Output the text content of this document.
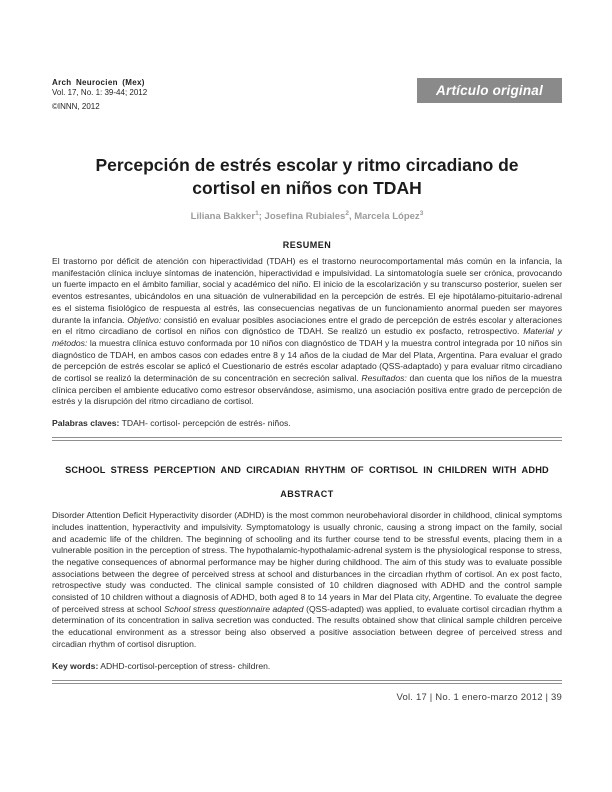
Arch Neurocien (Mex)
Vol. 17, No. 1: 39-44; 2012
©INNN, 2012
Artículo original
Percepción de estrés escolar y ritmo circadiano de
cortisol en niños con TDAH
Liliana Bakker$^1$; Josefina Rubiales$^2$, Marcela López$^3$
RESUMEN
El trastorno por déficit de atención con hiperactividad (TDAH) es el trastorno neurocomportamental más común en la infancia, la manifestación clínica incluye síntomas de inatención, hiperactividad e impulsividad. La sintomatología suele ser crónica, provocando un fuerte impacto en el ámbito familiar, social y académico del niño. El inicio de la escolarización y su transcurso posterior, suelen ser eventos estresantes, ubicándolos en una situación de vulnerabilidad en la percepción de estrés. El eje hipotálamo-pituitario-adrenal es el sistema fisiológico de respuesta al estrés, las consecuencias negativas de un funcionamiento anormal pueden ser mayores durante la infancia. Objetivo: consistió en evaluar posibles asociaciones entre el grado de percepción de estrés escolar y alteraciones en el ritmo circadiano de cortisol en niños con dignóstico de TDAH. Se realizó un estudio ex posfacto, retrospectivo. Material y métodos: la muestra clínica estuvo conformada por 10 niños con diagnóstico de TDAH y la muestra control integrada por 10 niños sin diagnóstico de TDAH, en ambos casos con edades entre 8 y 14 años de la ciudad de Mar del Plata, Argentina. Para evaluar el grado de percepción de estrés escolar se aplicó el Cuestionario de estrés escolar adaptado (QSS-adaptado) y para evaluar ritmo circadiano de cortisol se realizó la determinación de su concentración en secreción salival. Resultados: dan cuenta que los niños de la muestra clínica perciben el ambiente educativo como estresor observándose, asimismo, una asociación positiva entre grado de percepción de estrés y la disrupción del ritmo circadiano de cortisol.
Palabras claves: TDAH- cortisol- percepción de estrés- niños.
SCHOOL STRESS PERCEPTION AND CIRCADIAN RHYTHM OF CORTISOL IN CHILDREN WITH ADHD
ABSTRACT
Disorder Attention Deficit Hyperactivity disorder (ADHD) is the most common neurobehavioral disorder in childhood, clinical symptoms includes inattention, hyperactivity and impulsivity. Symptomatology is usually chronic, causing a strong impact on the family, social and academic life of the children. The beginning of schooling and its further course tend to be stressful events, placing them in a vulnerable position in the perception of stress. The hypothalamic-hypothalamic-adrenal system is the physiological response to stress, the negative consequences of abnormal performance may be higher during childhood. The aim of this study was to evaluate possible associations between the degree of perceived stress at school and disturbances in the circadian rhythm of cortisol. An ex post facto, retrospective study was conducted. The clinical sample consisted of 10 children diagnosed with ADHD and the control sample consisted of 10 children without a diagnosis of ADHD, both aged 8 to 14 years in Mar del Plata city, Argentine. To evaluate the degree of perceived stress at school School stress questionnaire adapted (QSS-adapted) was applied, to evaluate cortisol circadian rhythm a determination of its concentration in saliva secretion was conducted. The results obtained show that clinical sample children perceive the educational environment as a stressor being also observed a positive association between degree of perceived stress and circadian rhythm of cortisol disruption.
Key words: ADHD-cortisol-perception of stress- children.
Vol. 17 | No. 1 enero-marzo 2012 | 39
